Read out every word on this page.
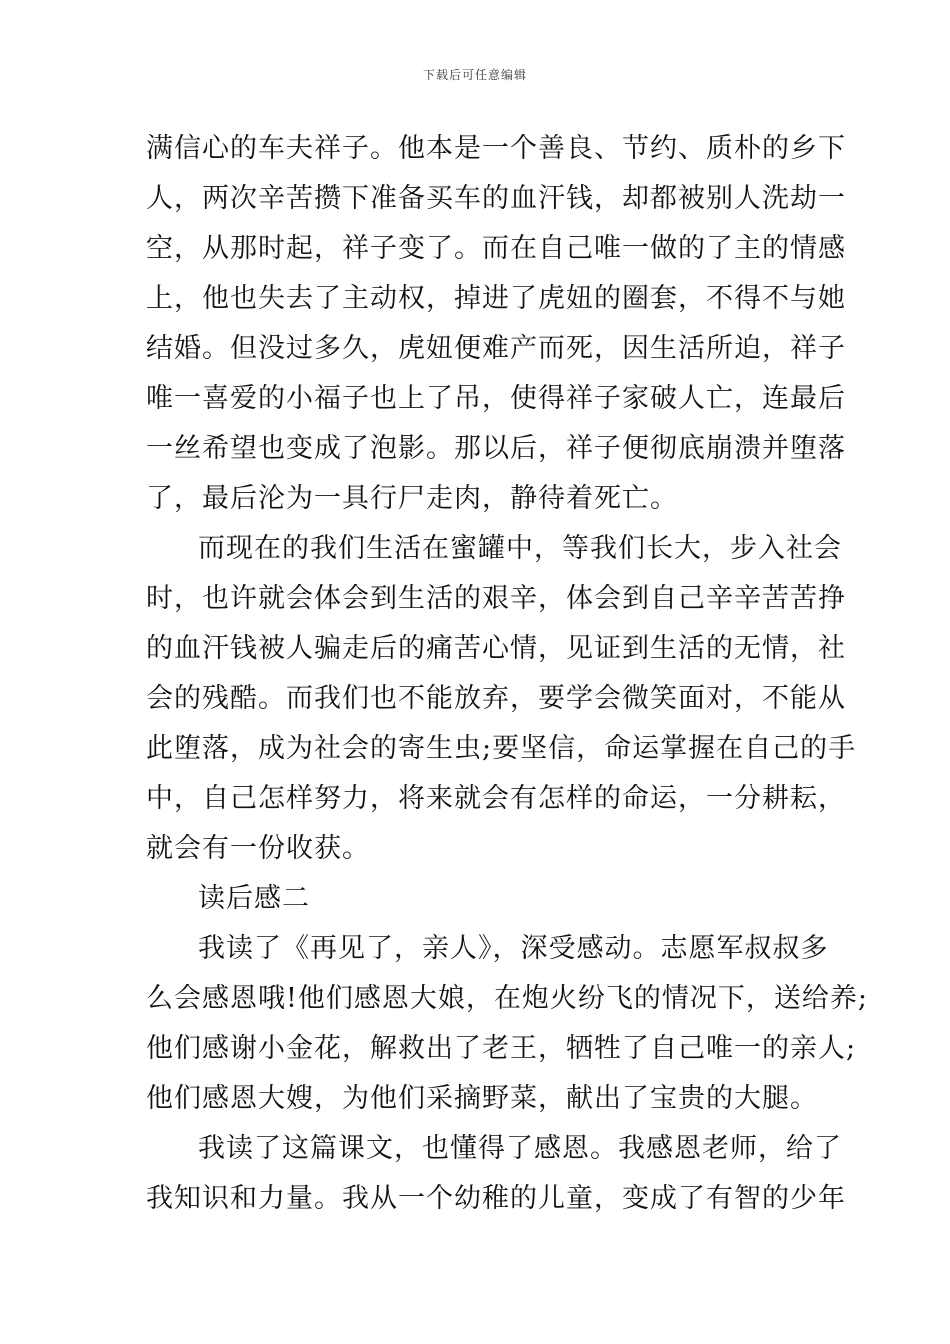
下载后可任意编辑
满信心的车夫祥子。他本是一个善良、节约、质朴的乡下
人，两次辛苦攒下准备买车的血汗钱，却都被别人洗劫一
空，从那时起，祥子变了。而在自己唯一做的了主的情感
上，他也失去了主动权，掉进了虎妞的圈套，不得不与她
结婚。但没过多久，虎妞便难产而死，因生活所迫，祥子
唯一喜爱的小福子也上了吊，使得祥子家破人亡，连最后
一丝希望也变成了泡影。那以后，祥子便彻底崩溃并堕落
了，最后沦为一具行尸走肉，静待着死亡。
而现在的我们生活在蜜罐中，等我们长大，步入社会
时，也许就会体会到生活的艰辛，体会到自己辛辛苦苦挣
的血汗钱被人骗走后的痛苦心情，见证到生活的无情，社
会的残酷。而我们也不能放弃，要学会微笑面对，不能从
此堕落，成为社会的寄生虫;要坚信，命运掌握在自己的手
中，自己怎样努力，将来就会有怎样的命运，一分耕耘，
就会有一份收获。
读后感二
我读了《再见了，亲人》，深受感动。志愿军叔叔多
么会感恩哦!他们感恩大娘，在炮火纷飞的情况下，送给养;
他们感谢小金花，解救出了老王，牺牲了自己唯一的亲人;
他们感恩大嫂，为他们采摘野菜，献出了宝贵的大腿。
我读了这篇课文，也懂得了感恩。我感恩老师，给了
我知识和力量。我从一个幼稚的儿童，变成了有智的少年
